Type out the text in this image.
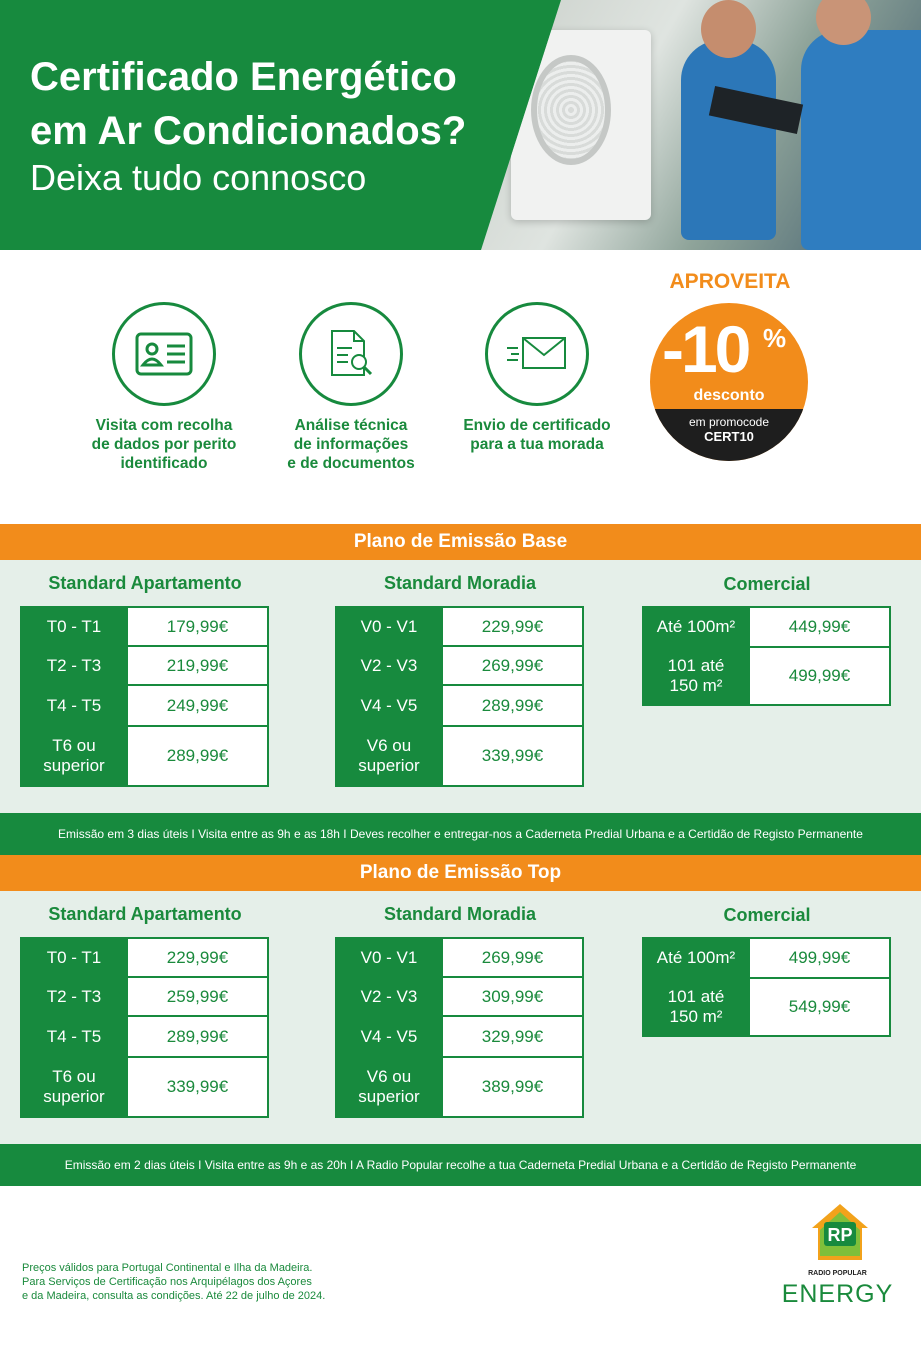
Certificado Energético
em Ar Condicionados?
Deixa tudo connosco
Visita com recolha
de dados por perito
identificado
Análise técnica
de informações
e de documentos
Envio de certificado
para a tua morada
APROVEITA
-10 %
desconto
em promocode
CERT10
Plano de Emissão Base
Standard Apartamento
T0 - T1	179,99€
T2 - T3	219,99€
T4 - T5	249,99€

T6 ou
superior	289,99€
Standard Moradia
V0 - V1	229,99€
V2 - V3	269,99€
V4 - V5	289,99€

V6 ou
superior	339,99€
Comercial
Até 100m²	449,99€

101 até
150 m²	499,99€
Emissão em 3 dias úteis I Visita entre as 9h e as 18h I Deves recolher e entregar-nos a Caderneta Predial Urbana e a Certidão de Registo Permanente
Plano de Emissão Top
Standard Apartamento
T0 - T1	229,99€
T2 - T3	259,99€
T4 - T5	289,99€

T6 ou
superior	339,99€
Standard Moradia
V0 - V1	269,99€
V2 - V3	309,99€
V4 - V5	329,99€

V6 ou
superior	389,99€
Comercial
Até 100m²	499,99€

101 até
150 m²	549,99€
Emissão em 2 dias úteis I Visita entre as 9h e as 20h I A Radio Popular recolhe a tua Caderneta Predial Urbana e a Certidão de Registo Permanente
Preços válidos para Portugal Continental e Ilha da Madeira.
Para Serviços de Certificação nos Arquipélagos dos Açores
e da Madeira, consulta as condições. Até 22 de julho de 2024.
RP
RADIO POPULAR
ENERGY
